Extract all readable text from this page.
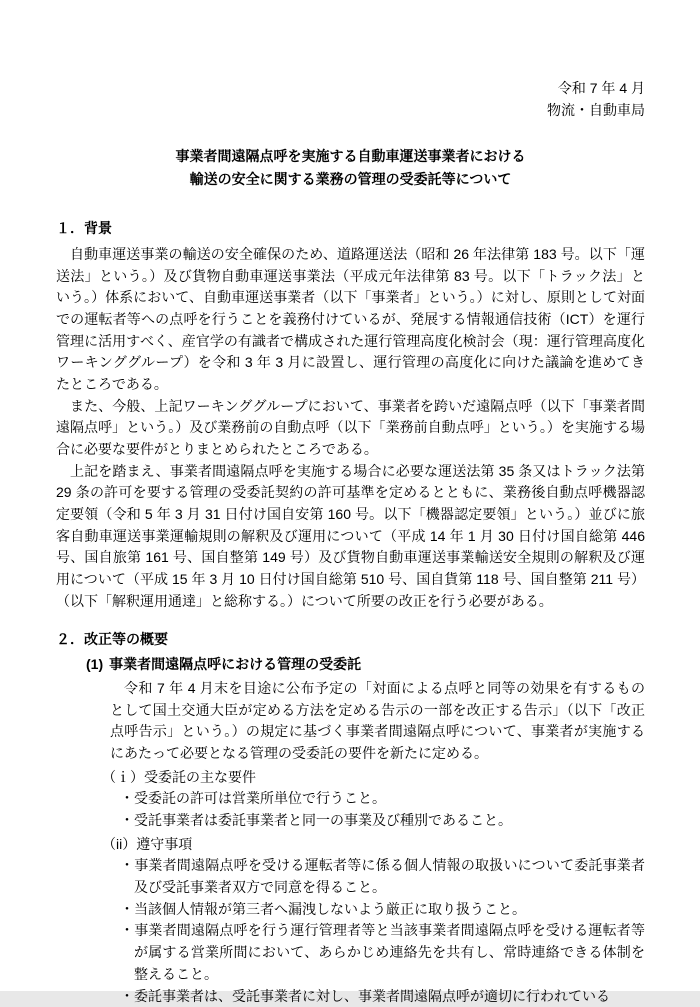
令和 7 年 4 月
物流・自動車局
事業者間遠隔点呼を実施する自動車運送事業者における
輸送の安全に関する業務の管理の受委託等について
１．背景

自動車運送事業の輸送の安全確保のため、道路運送法（昭和 26 年法律第 183 号。以下「運送法」という。）及び貨物自動車運送事業法（平成元年法律第 83 号。以下「トラック法」という。）体系において、自動車運送事業者（以下「事業者」という。）に対し、原則として対面での運転者等への点呼を行うことを義務付けているが、発展する情報通信技術（ICT）を運行管理に活用すべく、産官学の有識者で構成された運行管理高度化検討会（現：運行管理高度化ワーキンググループ）を令和 3 年 3 月に設置し、運行管理の高度化に向けた議論を進めてきたところである。

また、今般、上記ワーキンググループにおいて、事業者を跨いだ遠隔点呼（以下「事業者間遠隔点呼」という。）及び業務前の自動点呼（以下「業務前自動点呼」という。）を実施する場合に必要な要件がとりまとめられたところである。

上記を踏まえ、事業者間遠隔点呼を実施する場合に必要な運送法第 35 条又はトラック法第 29 条の許可を要する管理の受委託契約の許可基準を定めるとともに、業務後自動点呼機器認定要領（令和 5 年 3 月 31 日付け国自安第 160 号。以下「機器認定要領」という。）並びに旅客自動車運送事業運輸規則の解釈及び運用について（平成 14 年 1 月 30 日付け国自総第 446 号、国自旅第 161 号、国自整第 149 号）及び貨物自動車運送事業輸送安全規則の解釈及び運用について（平成 15 年 3 月 10 日付け国自総第 510 号、国自貨第 118 号、国自整第 211 号）（以下「解釈運用通達」と総称する。）について所要の改正を行う必要がある。

２．改正等の概要
(1) 事業者間遠隔点呼における管理の受委託

令和 7 年 4 月末を目途に公布予定の「対面による点呼と同等の効果を有するものとして国土交通大臣が定める方法を定める告示の一部を改正する告示」（以下「改正点呼告示」という。）の規定に基づく事業者間遠隔点呼について、事業者が実施するにあたって必要となる管理の受委託の要件を新たに定める。

（ｉ）受委託の主な要件
・受委託の許可は営業所単位で行うこと。
・受託事業者は委託事業者と同一の事業及び種別であること。
（ii）遵守事項
・事業者間遠隔点呼を受ける運転者等に係る個人情報の取扱いについて委託事業者及び受託事業者双方で同意を得ること。
・当該個人情報が第三者へ漏洩しないよう厳正に取り扱うこと。
・事業者間遠隔点呼を行う運行管理者等と当該事業者間遠隔点呼を受ける運転者等が属する営業所間において、あらかじめ連絡先を共有し、常時連絡できる体制を整えること。
・委託事業者は、受託事業者に対し、事業者間遠隔点呼が適切に行われている
